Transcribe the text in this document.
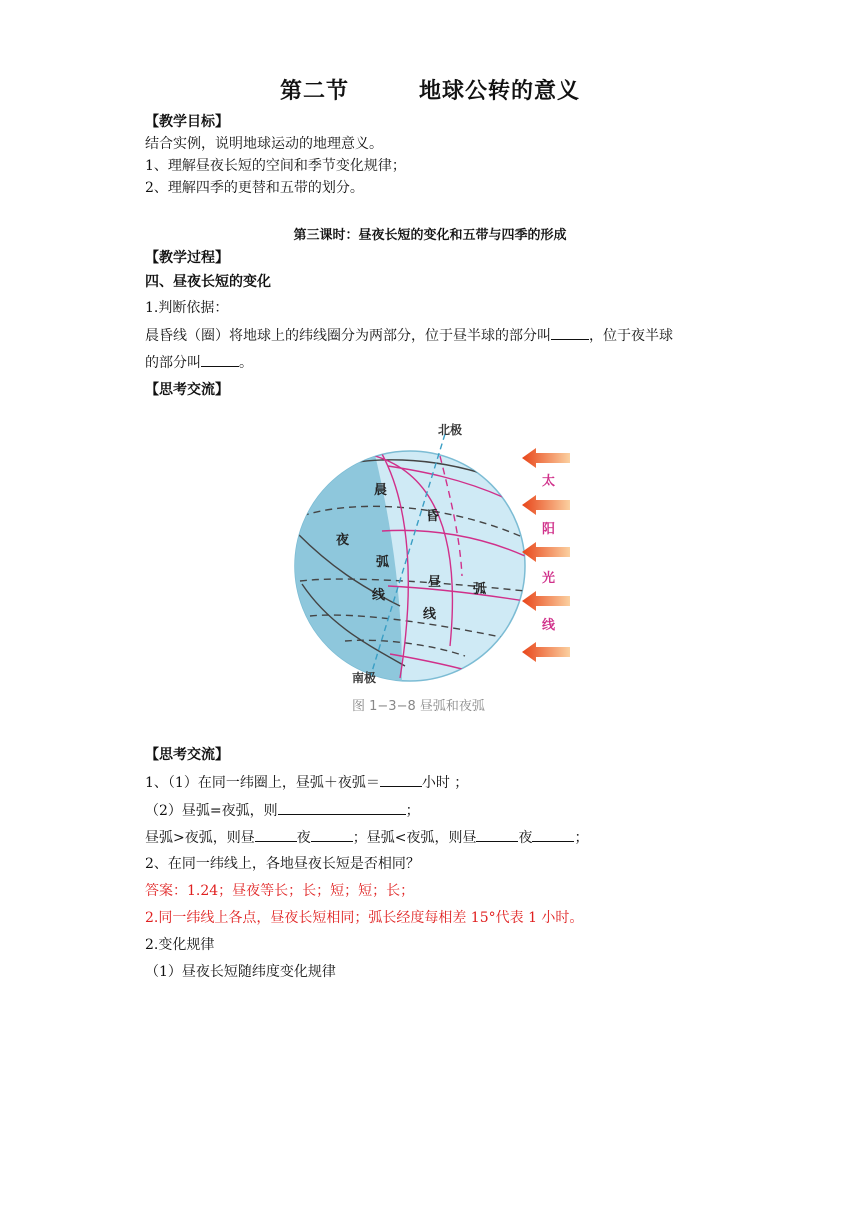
第二节	地球公转的意义
【教学目标】
结合实例，说明地球运动的地理意义。
1、理解昼夜长短的空间和季节变化规律；
2、理解四季的更替和五带的划分。
第三课时：昼夜长短的变化和五带与四季的形成
【教学过程】
四、昼夜长短的变化
1.判断依据：
晨昏线（圈）将地球上的纬线圈分为两部分，位于昼半球的部分叫	，位于夜半球
的部分叫	。
【思考交流】
北极
南极
晨
昏
夜
弧
线
昼 弧
线
太
阳
光
线
图 1−3−8 昼弧和夜弧
【思考交流】
1、（1）在同一纬圈上，昼弧＋夜弧＝	小时 ；
（2）昼弧=夜弧，则	；
昼弧>夜弧，则昼	夜	；昼弧<夜弧，则昼	夜	；
2、在同一纬线上，各地昼夜长短是否相同？
答案：1.24；昼夜等长；长；短；短；长；
2.同一纬线上各点，昼夜长短相同；弧长经度每相差 15°代表 1 小时。
2.变化规律
（1）昼夜长短随纬度变化规律
